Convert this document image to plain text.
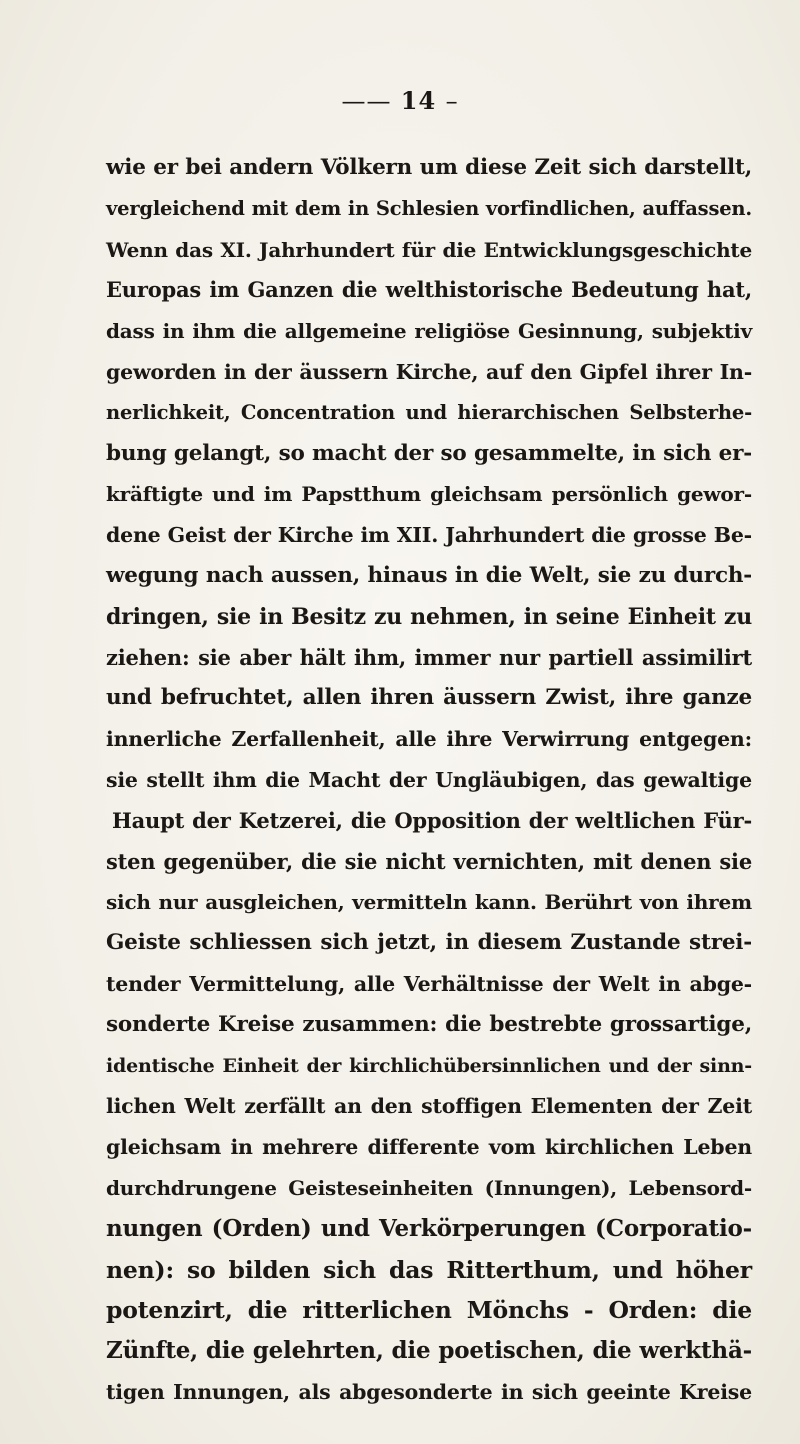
—— 14 –
wie er bei andern Völkern um diese Zeit sich darstellt,
vergleichend mit dem in Schlesien vorfindlichen, auffassen.
Wenn das XI. Jahrhundert für die Entwicklungsgeschichte
Europas im Ganzen die welthistorische Bedeutung hat,
dass in ihm die allgemeine religiöse Gesinnung, subjektiv
geworden in der äussern Kirche, auf den Gipfel ihrer In-
nerlichkeit, Concentration und hierarchischen Selbsterhe-
bung gelangt, so macht der so gesammelte, in sich er-
kräftigte und im Papstthum gleichsam persönlich gewor-
dene Geist der Kirche im XII. Jahrhundert die grosse Be-
wegung nach aussen, hinaus in die Welt, sie zu durch-
dringen, sie in Besitz zu nehmen, in seine Einheit zu
ziehen: sie aber hält ihm, immer nur partiell assimilirt
und befruchtet, allen ihren äussern Zwist, ihre ganze
innerliche Zerfallenheit, alle ihre Verwirrung entgegen:
sie stellt ihm die Macht der Ungläubigen, das gewaltige
Haupt der Ketzerei, die Opposition der weltlichen Für-
sten gegenüber, die sie nicht vernichten, mit denen sie
sich nur ausgleichen, vermitteln kann. Berührt von ihrem
Geiste schliessen sich jetzt, in diesem Zustande strei-
tender Vermittelung, alle Verhältnisse der Welt in abge-
sonderte Kreise zusammen: die bestrebte grossartige,
identische Einheit der kirchlichübersinnlichen und der sinn-
lichen Welt zerfällt an den stoffigen Elementen der Zeit
gleichsam in mehrere differente vom kirchlichen Leben
durchdrungene Geisteseinheiten (Innungen), Lebensord-
nungen (Orden) und Verkörperungen (Corporatio-
nen): so bilden sich das Ritterthum, und höher
potenzirt, die ritterlichen Mönchs - Orden: die
Zünfte, die gelehrten, die poetischen, die werkthä-
tigen Innungen, als abgesonderte in sich geeinte Kreise
